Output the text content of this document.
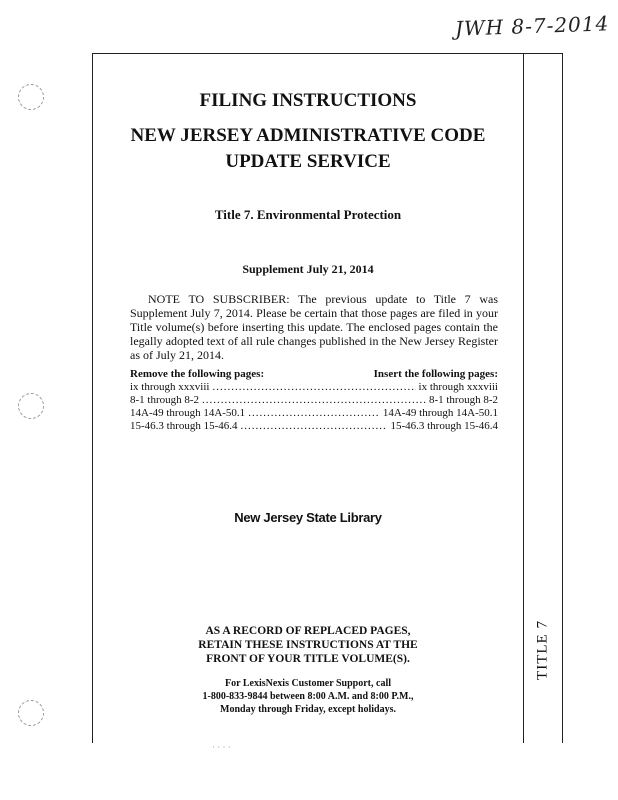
JWH 8-7-2014
FILING INSTRUCTIONS
NEW JERSEY ADMINISTRATIVE CODE
UPDATE SERVICE
Title 7. Environmental Protection
Supplement July 21, 2014
NOTE TO SUBSCRIBER: The previous update to Title 7 was Supplement July 7, 2014. Please be certain that those pages are filed in your Title volume(s) before inserting this update. The enclosed pages contain the legally adopted text of all rule changes published in the New Jersey Register as of July 21, 2014.
Remove the following pages:	Insert the following pages:
ix through xxxviii .....	ix through xxxviii
8-1 through 8-2 .....	8-1 through 8-2
14A-49 through 14A-50.1 .....	14A-49 through 14A-50.1
15-46.3 through 15-46.4 .....	15-46.3 through 15-46.4
New Jersey State Library
AS A RECORD OF REPLACED PAGES,
RETAIN THESE INSTRUCTIONS AT THE
FRONT OF YOUR TITLE VOLUME(S).
For LexisNexis Customer Support, call
1-800-833-9844 between 8:00 A.M. and 8:00 P.M.,
Monday through Friday, except holidays.
TITLE 7
· · · ·
